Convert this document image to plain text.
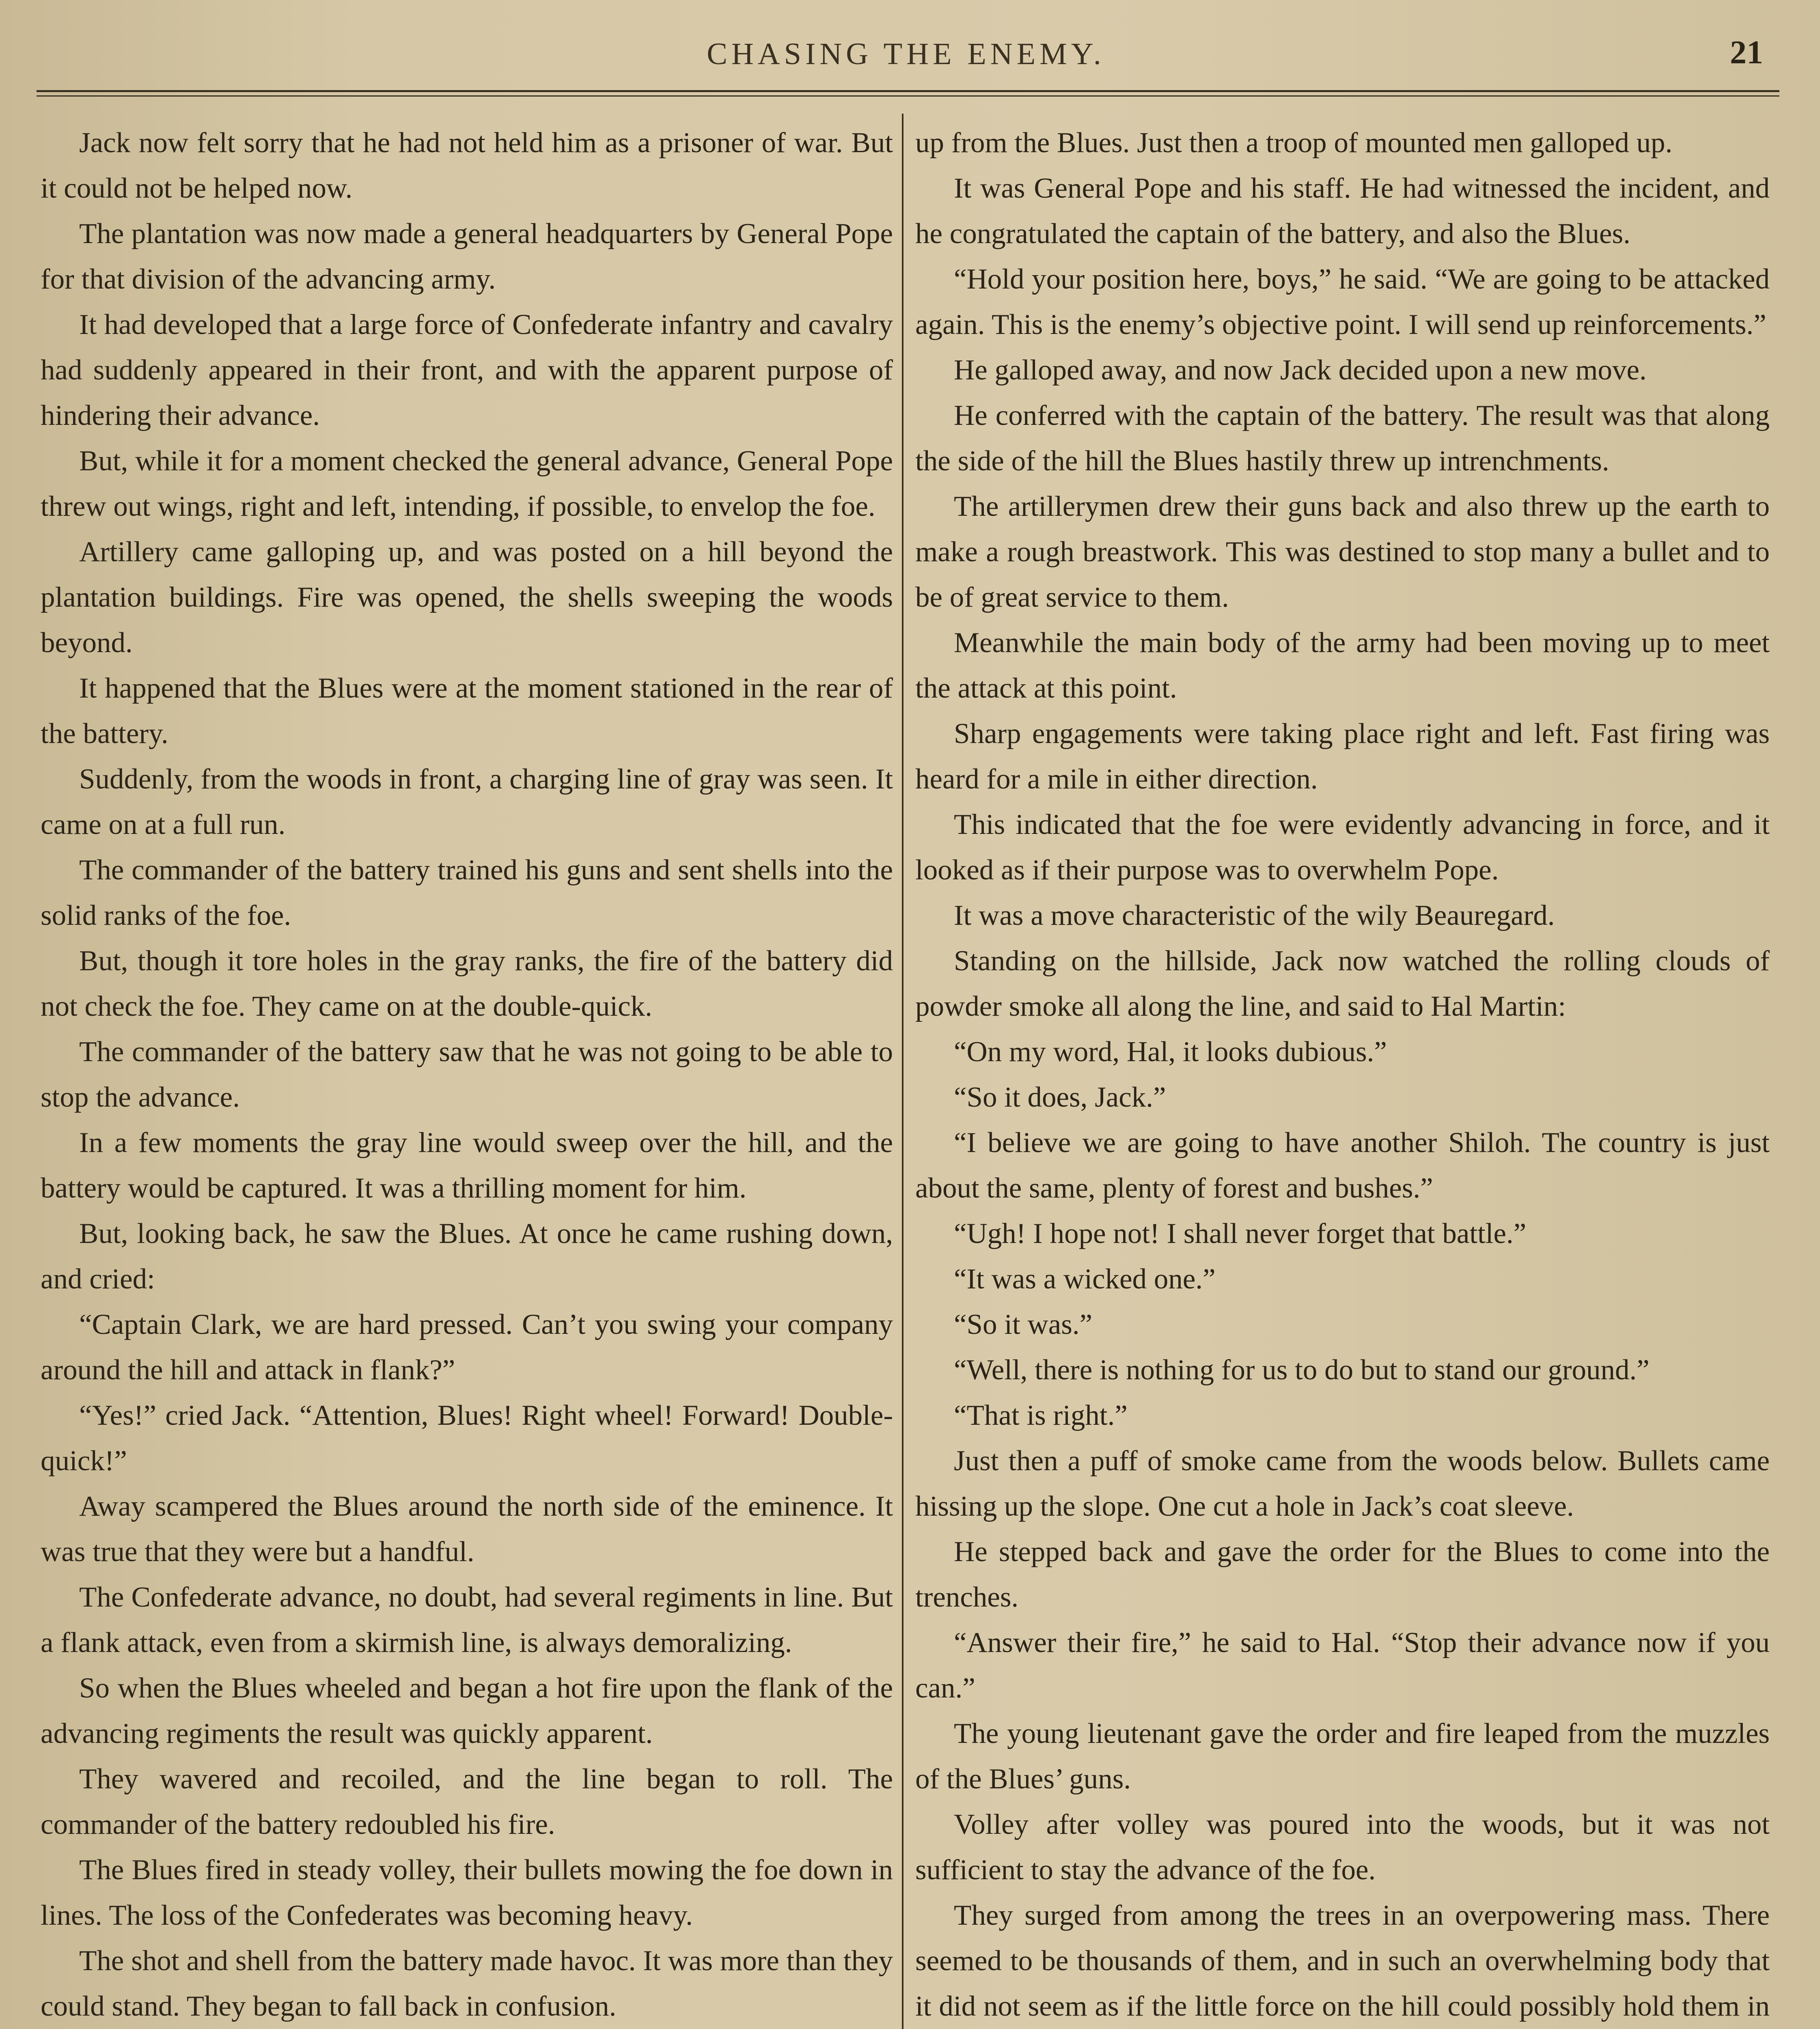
CHASING THE ENEMY.	21

Jack now felt sorry that he had not held him as a prisoner of war. But it could not be helped now.

The plantation was now made a general headquarters by General Pope for that division of the advancing army.

It had developed that a large force of Confederate infantry and cavalry had suddenly appeared in their front, and with the apparent purpose of hindering their advance.

But, while it for a moment checked the general advance, General Pope threw out wings, right and left, intending, if possible, to envelop the foe.

Artillery came galloping up, and was posted on a hill beyond the plantation buildings. Fire was opened, the shells sweeping the woods beyond.

It happened that the Blues were at the moment stationed in the rear of the battery.

Suddenly, from the woods in front, a charging line of gray was seen. It came on at a full run.

The commander of the battery trained his guns and sent shells into the solid ranks of the foe.

But, though it tore holes in the gray ranks, the fire of the battery did not check the foe. They came on at the double-quick.

The commander of the battery saw that he was not going to be able to stop the advance.

In a few moments the gray line would sweep over the hill, and the battery would be captured. It was a thrilling moment for him.

But, looking back, he saw the Blues. At once he came rushing down, and cried:

“Captain Clark, we are hard pressed. Can’t you swing your company around the hill and attack in flank?”

“Yes!” cried Jack. “Attention, Blues! Right wheel! Forward! Double-quick!”

Away scampered the Blues around the north side of the eminence. It was true that they were but a handful.

The Confederate advance, no doubt, had several regiments in line. But a flank attack, even from a skirmish line, is always demoralizing.

So when the Blues wheeled and began a hot fire upon the flank of the advancing regiments the result was quickly apparent.

They wavered and recoiled, and the line began to roll. The commander of the battery redoubled his fire.

The Blues fired in steady volley, their bullets mowing the foe down in lines. The loss of the Confederates was becoming heavy.

The shot and shell from the battery made havoc. It was more than they could stand. They began to fall back in confusion.

up from the Blues. Just then a troop of mounted men galloped up.

It was General Pope and his staff. He had witnessed the incident, and he congratulated the captain of the battery, and also the Blues.

“Hold your position here, boys,” he said. “We are going to be attacked again. This is the enemy’s objective point. I will send up reinforcements.”

He galloped away, and now Jack decided upon a new move.

He conferred with the captain of the battery. The result was that along the side of the hill the Blues hastily threw up intrenchments.

The artillerymen drew their guns back and also threw up the earth to make a rough breastwork. This was destined to stop many a bullet and to be of great service to them.

Meanwhile the main body of the army had been moving up to meet the attack at this point.

Sharp engagements were taking place right and left. Fast firing was heard for a mile in either direction.

This indicated that the foe were evidently advancing in force, and it looked as if their purpose was to overwhelm Pope.

It was a move characteristic of the wily Beauregard.

Standing on the hillside, Jack now watched the rolling clouds of powder smoke all along the line, and said to Hal Martin:

“On my word, Hal, it looks dubious.”

“So it does, Jack.”

“I believe we are going to have another Shiloh. The country is just about the same, plenty of forest and bushes.”

“Ugh! I hope not! I shall never forget that battle.”

“It was a wicked one.”

“So it was.”

“Well, there is nothing for us to do but to stand our ground.”

“That is right.”

Just then a puff of smoke came from the woods below. Bullets came hissing up the slope. One cut a hole in Jack’s coat sleeve.

He stepped back and gave the order for the Blues to come into the trenches.

“Answer their fire,” he said to Hal. “Stop their advance now if you can.”

The young lieutenant gave the order and fire leaped from the muzzles of the Blues’ guns.

Volley after volley was poured into the woods, but it was not sufficient to stay the advance of the foe.

They surged from among the trees in an overpowering mass. There seemed to be thousands of them, and in such an overwhelming body that it did not seem as if the little force on the hill could possibly hold them in
